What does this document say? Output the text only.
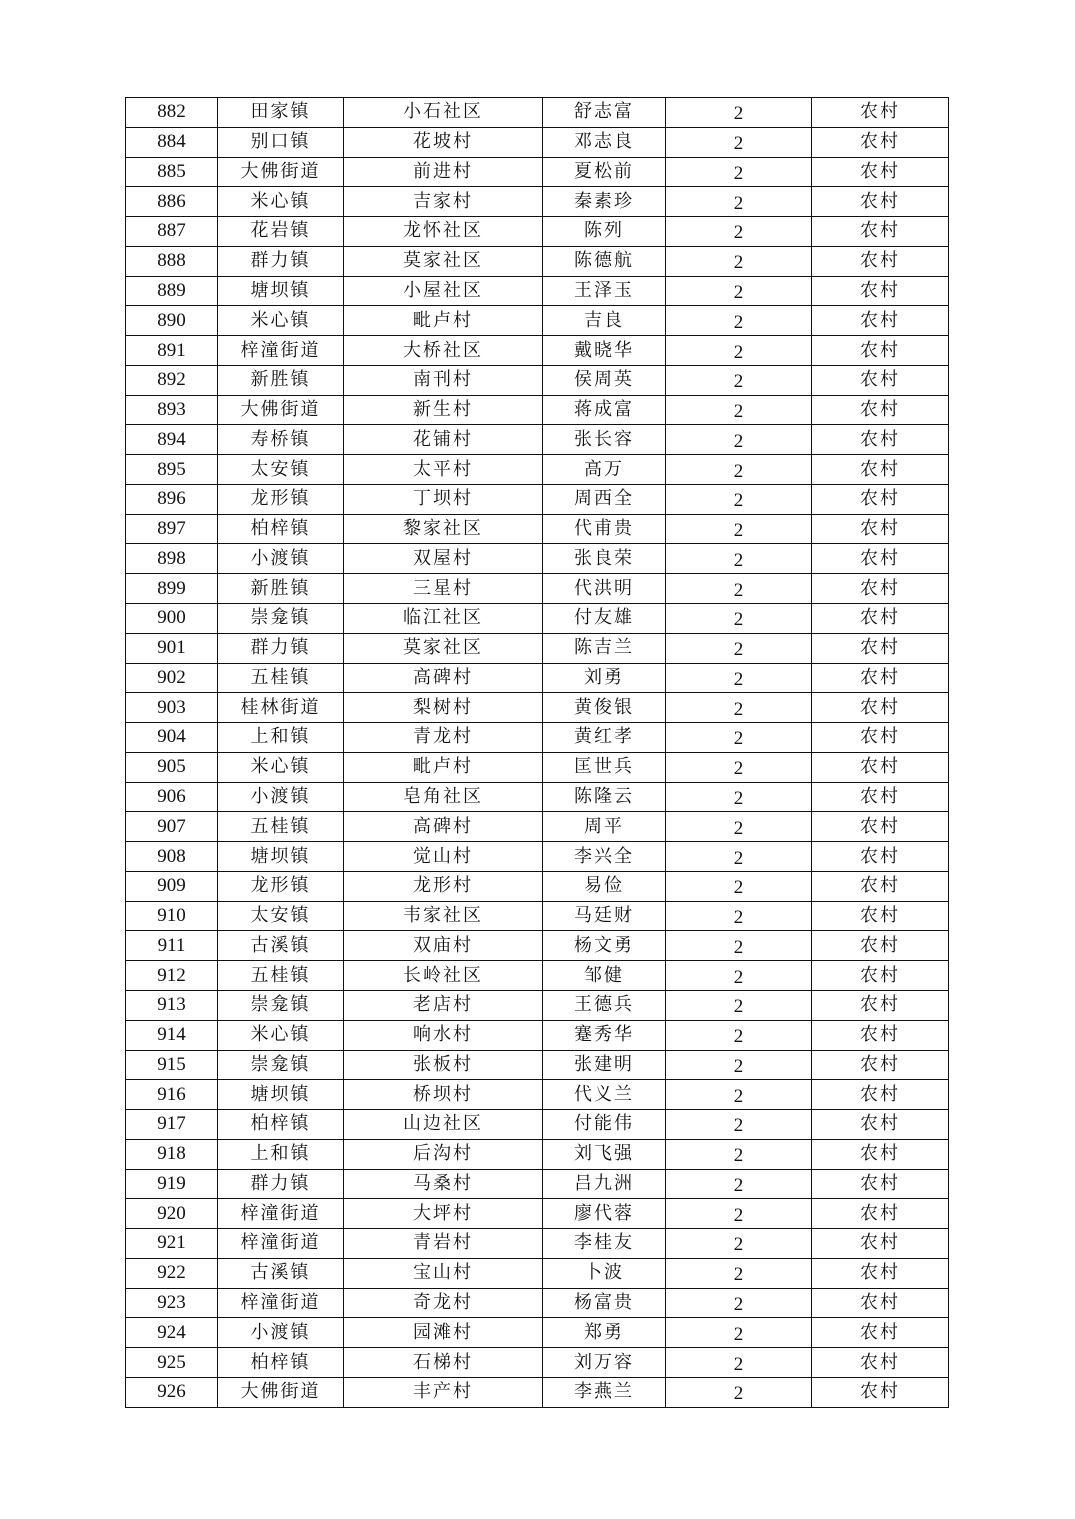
882	田家镇	小石社区	舒志富	2	农村
884	别口镇	花坡村	邓志良	2	农村
885	大佛街道	前进村	夏松前	2	农村
886	米心镇	吉家村	秦素珍	2	农村
887	花岩镇	龙怀社区	陈列	2	农村
888	群力镇	莫家社区	陈德航	2	农村
889	塘坝镇	小屋社区	王泽玉	2	农村
890	米心镇	毗卢村	吉良	2	农村
891	梓潼街道	大桥社区	戴晓华	2	农村
892	新胜镇	南刊村	侯周英	2	农村
893	大佛街道	新生村	蒋成富	2	农村
894	寿桥镇	花铺村	张长容	2	农村
895	太安镇	太平村	高万	2	农村
896	龙形镇	丁坝村	周西全	2	农村
897	柏梓镇	黎家社区	代甫贵	2	农村
898	小渡镇	双屋村	张良荣	2	农村
899	新胜镇	三星村	代洪明	2	农村
900	崇龛镇	临江社区	付友雄	2	农村
901	群力镇	莫家社区	陈吉兰	2	农村
902	五桂镇	高碑村	刘勇	2	农村
903	桂林街道	梨树村	黄俊银	2	农村
904	上和镇	青龙村	黄红孝	2	农村
905	米心镇	毗卢村	匡世兵	2	农村
906	小渡镇	皂角社区	陈隆云	2	农村
907	五桂镇	高碑村	周平	2	农村
908	塘坝镇	觉山村	李兴全	2	农村
909	龙形镇	龙形村	易俭	2	农村
910	太安镇	韦家社区	马廷财	2	农村
911	古溪镇	双庙村	杨文勇	2	农村
912	五桂镇	长岭社区	邹健	2	农村
913	崇龛镇	老店村	王德兵	2	农村
914	米心镇	响水村	蹇秀华	2	农村
915	崇龛镇	张板村	张建明	2	农村
916	塘坝镇	桥坝村	代义兰	2	农村
917	柏梓镇	山边社区	付能伟	2	农村
918	上和镇	后沟村	刘飞强	2	农村
919	群力镇	马桑村	吕九洲	2	农村
920	梓潼街道	大坪村	廖代蓉	2	农村
921	梓潼街道	青岩村	李桂友	2	农村
922	古溪镇	宝山村	卜波	2	农村
923	梓潼街道	奇龙村	杨富贵	2	农村
924	小渡镇	园滩村	郑勇	2	农村
925	柏梓镇	石梯村	刘万容	2	农村
926	大佛街道	丰产村	李燕兰	2	农村
